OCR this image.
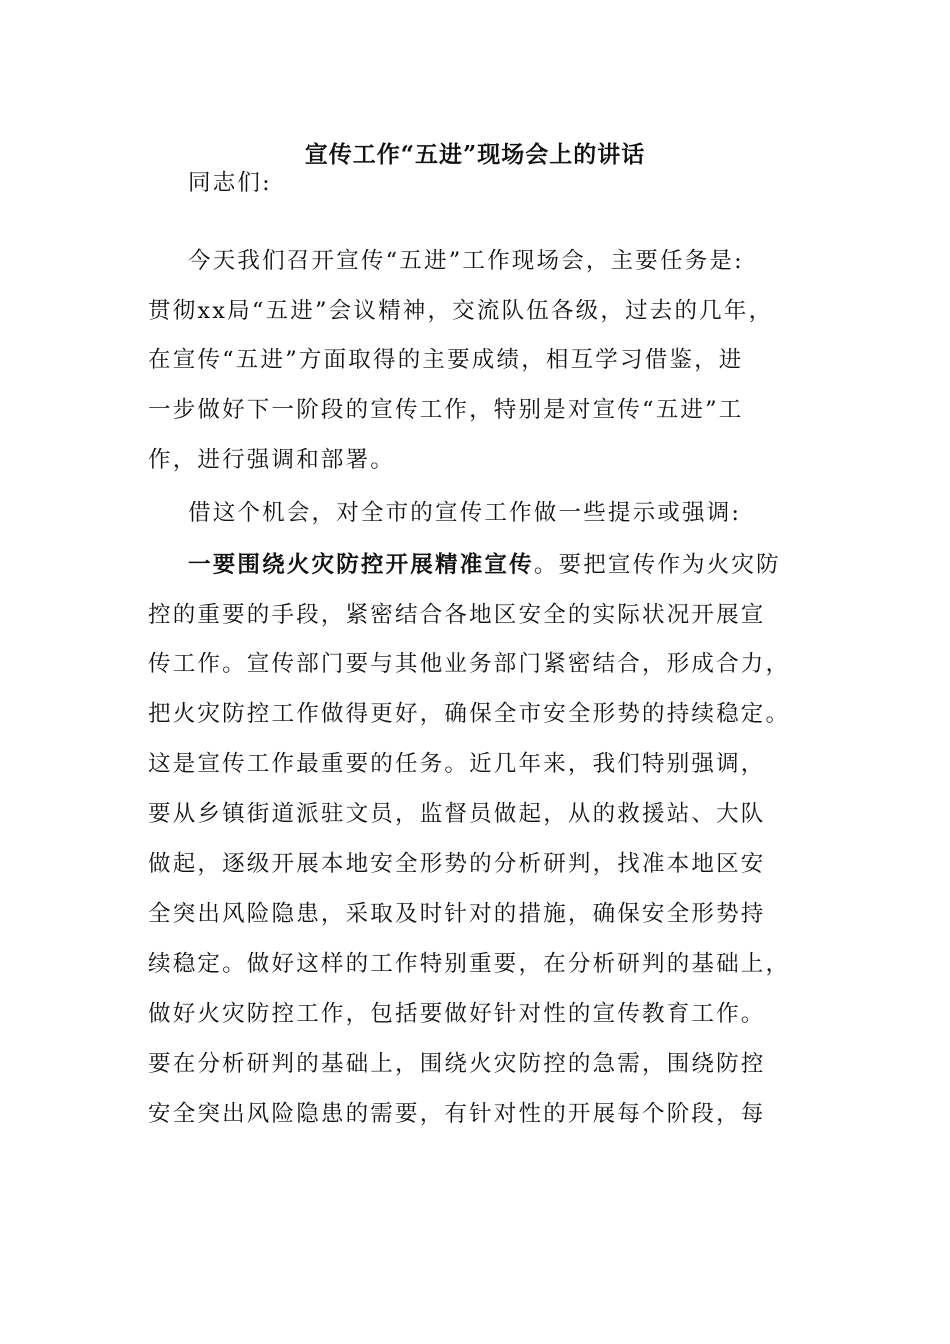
宣传工作“五进”现场会上的讲话

同志们:

今天我们召开宣传“五进”工作现场会，主要任务是:

贯彻xx局“五进”会议精神，交流队伍各级，过去的几年，

在宣传“五进”方面取得的主要成绩，相互学习借鉴，进

一步做好下一阶段的宣传工作，特别是对宣传“五进”工

作，进行强调和部署。

借这个机会，对全市的宣传工作做一些提示或强调:

一要围绕火灾防控开展精准宣传。要把宣传作为火灾防

控的重要的手段，紧密结合各地区安全的实际状况开展宣

传工作。宣传部门要与其他业务部门紧密结合，形成合力，

把火灾防控工作做得更好，确保全市安全形势的持续稳定。

这是宣传工作最重要的任务。近几年来，我们特别强调，

要从乡镇街道派驻文员，监督员做起，从的救援站、大队

做起，逐级开展本地安全形势的分析研判，找准本地区安

全突出风险隐患，采取及时针对的措施，确保安全形势持

续稳定。做好这样的工作特别重要，在分析研判的基础上，

做好火灾防控工作，包括要做好针对性的宣传教育工作。

要在分析研判的基础上，围绕火灾防控的急需，围绕防控

安全突出风险隐患的需要，有针对性的开展每个阶段，每
